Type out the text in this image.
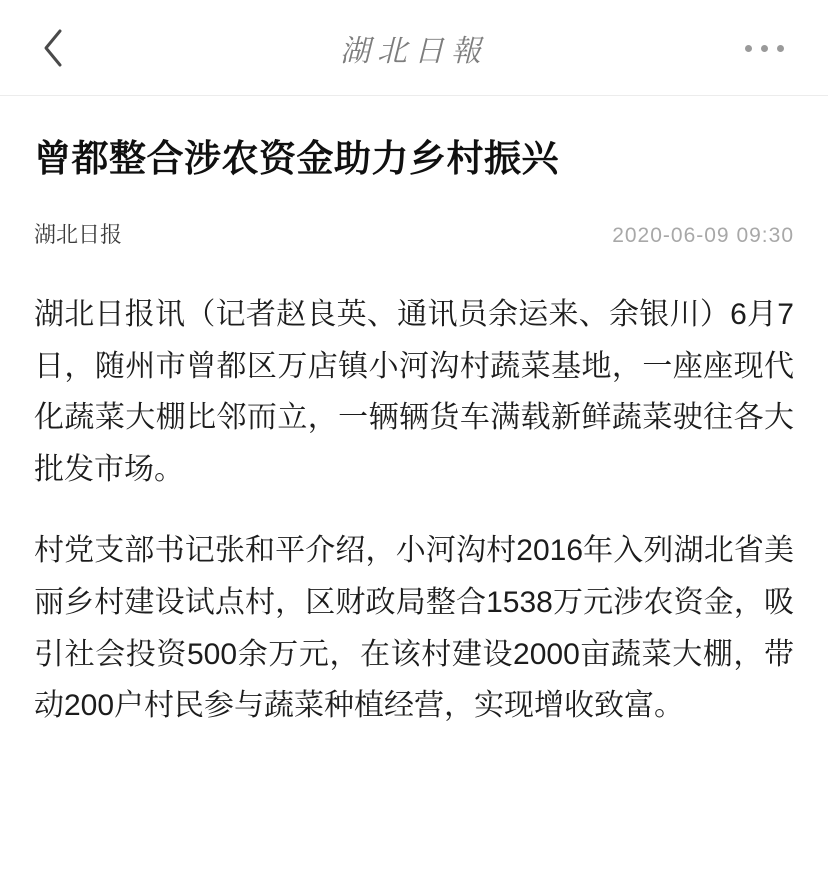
湖北日報
曾都整合涉农资金助力乡村振兴
湖北日报	2020-06-09 09:30

湖北日报讯（记者赵良英、通讯员余运来、余银川）6月7日，随州市曾都区万店镇小河沟村蔬菜基地，一座座现代化蔬菜大棚比邻而立，一辆辆货车满载新鲜蔬菜驶往各大批发市场。

村党支部书记张和平介绍，小河沟村2016年入列湖北省美丽乡村建设试点村，区财政局整合1538万元涉农资金，吸引社会投资500余万元，在该村建设2000亩蔬菜大棚，带动200户村民参与蔬菜种植经营，实现增收致富。
